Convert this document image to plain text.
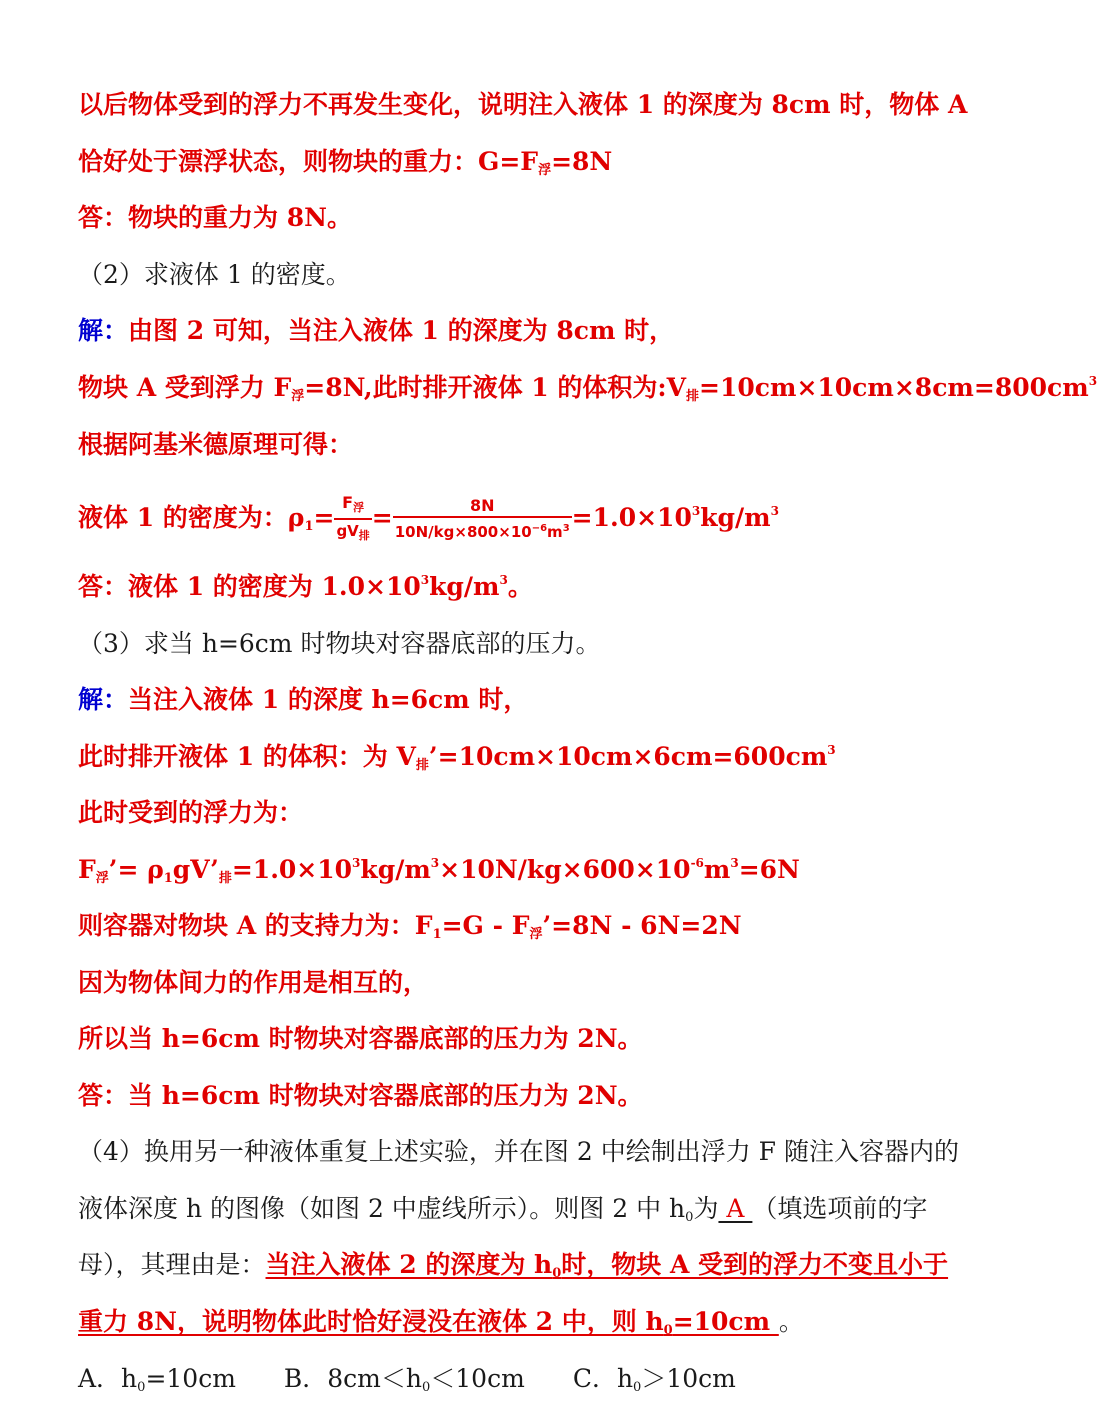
以后物体受到的浮力不再发生变化，说明注入液体 1 的深度为 8cm 时，物体 A
恰好处于漂浮状态，则物块的重力：$G=F_浮=8N$
答：物块的重力为 8N。
（2）求液体 1 的密度。
解：由图 2 可知，当注入液体 1 的深度为 8cm 时，
物块 A 受到浮力 $F_浮=8N$,此时排开液体 1 的体积为$:V_排=10cm\times 10cm\times 8cm=800cm^3$
根据阿基米德原理可得：
液体 1 的密度为：$\rho_1= \frac{F_浮}{gV_排} = \frac{8N}{10N/kg\times 800\times 10^{-6}m^3} =1.0\times 10^3kg/m^3$
答：液体 1 的密度为 $1.0\times 10^3kg/m^3$。
（3）求当 h=6cm 时物块对容器底部的压力。
解：当注入液体 1 的深度 h=6cm 时，
此时排开液体 1 的体积：为 $V_排’=10cm\times 10cm\times 6cm=600cm^3$
此时受到的浮力为：
$F_浮’=$ $\rho_1gV’_排=1.0\times 10^3kg/m^3\times 10N/kg\times 600\times 10^{-6}m^3=6N$
则容器对物块 A 的支持力为：$F_1=G$ - $F_浮’=8N - 6N=2N$
因为物体间力的作用是相互的，
所以当 h=6cm 时物块对容器底部的压力为 2N。
答：当 h=6cm 时物块对容器底部的压力为 2N。
（4）换用另一种液体重复上述实验，并在图 2 中绘制出浮力 F 随注入容器内的
液体深度 h 的图像（如图 2 中虚线所示）。则图 2 中 $h_0$为 A （填选项前的字
母），其理由是：当注入液体 2 的深度为 $h_0$时，物块 A 受到的浮力不变且小于
重力 8N，说明物体此时恰好浸没在液体 2 中，则 $h_0=10cm$ 。
A．$h_0=10cm$ B．$8cm<h_0<10cm$ C．$h_0>10cm$
